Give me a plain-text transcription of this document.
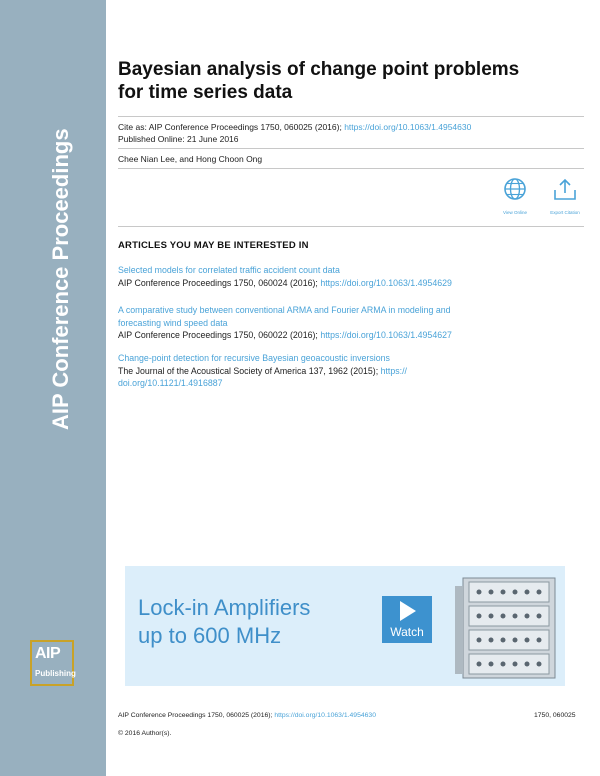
AIP Conference Proceedings
AIP
Publishing
Bayesian analysis of change point problems
for time series data
Cite as: AIP Conference Proceedings 1750, 060025 (2016); https://doi.org/10.1063/1.4954630
Published Online: 21 June 2016
Chee Nian Lee, and Hong Choon Ong
View Online	Export Citation
ARTICLES YOU MAY BE INTERESTED IN
Selected models for correlated traffic accident count data
AIP Conference Proceedings 1750, 060024 (2016); https://doi.org/10.1063/1.4954629
A comparative study between conventional ARMA and Fourier ARMA in modeling and
forecasting wind speed data
AIP Conference Proceedings 1750, 060022 (2016); https://doi.org/10.1063/1.4954627
Change-point detection for recursive Bayesian geoacoustic inversions
The Journal of the Acoustical Society of America 137, 1962 (2015); https://
doi.org/10.1121/1.4916887
Lock-in Amplifiers
up to 600 MHz	Watch
AIP Conference Proceedings 1750, 060025 (2016); https://doi.org/10.1063/1.4954630	1750, 060025
© 2016 Author(s).
